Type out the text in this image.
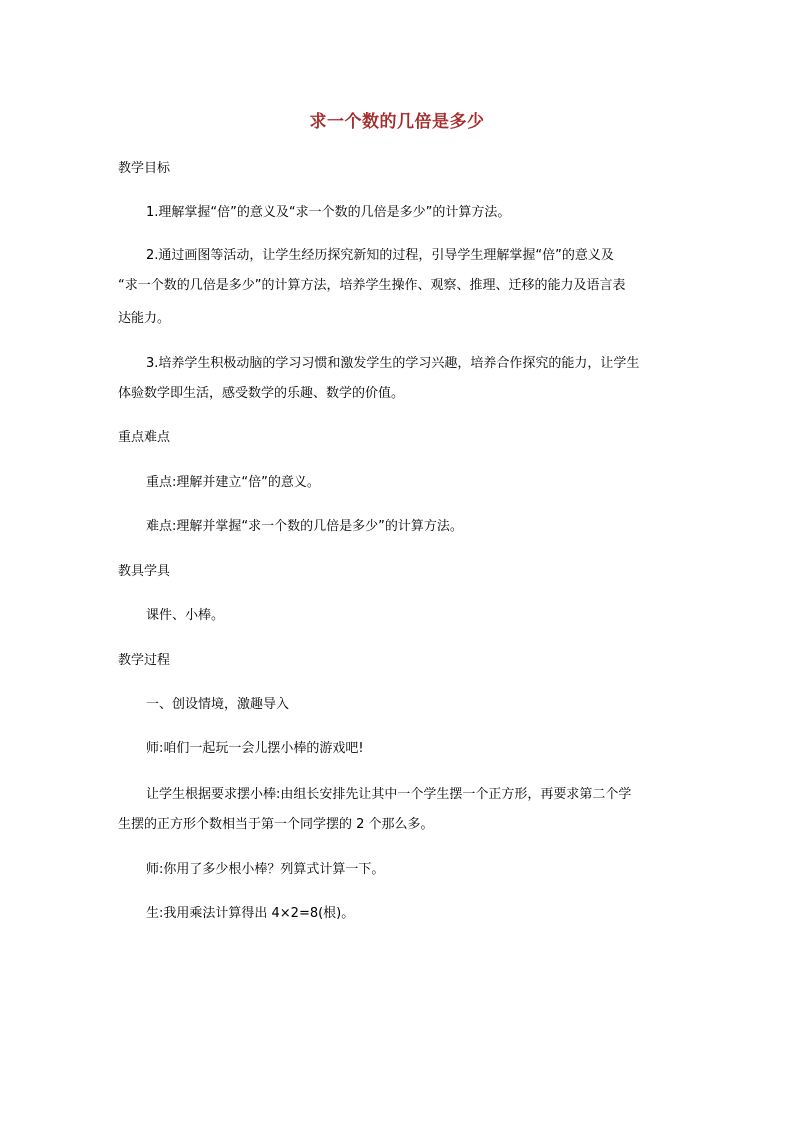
求一个数的几倍是多少
教学目标
1.理解掌握“倍”的意义及“求一个数的几倍是多少”的计算方法。
2.通过画图等活动，让学生经历探究新知的过程，引导学生理解掌握“倍”的意义及
“求一个数的几倍是多少”的计算方法，培养学生操作、观察、推理、迁移的能力及语言表
达能力。
3.培养学生积极动脑的学习习惯和激发学生的学习兴趣，培养合作探究的能力，让学生
体验数学即生活，感受数学的乐趣、数学的价值。
重点难点
重点:理解并建立“倍”的意义。
难点:理解并掌握“求一个数的几倍是多少”的计算方法。
教具学具
课件、小棒。
教学过程
一、创设情境，激趣导入
师:咱们一起玩一会儿摆小棒的游戏吧!
让学生根据要求摆小棒:由组长安排先让其中一个学生摆一个正方形，再要求第二个学
生摆的正方形个数相当于第一个同学摆的 2 个那么多。
师:你用了多少根小棒？列算式计算一下。
生:我用乘法计算得出 4×2=8(根)。
